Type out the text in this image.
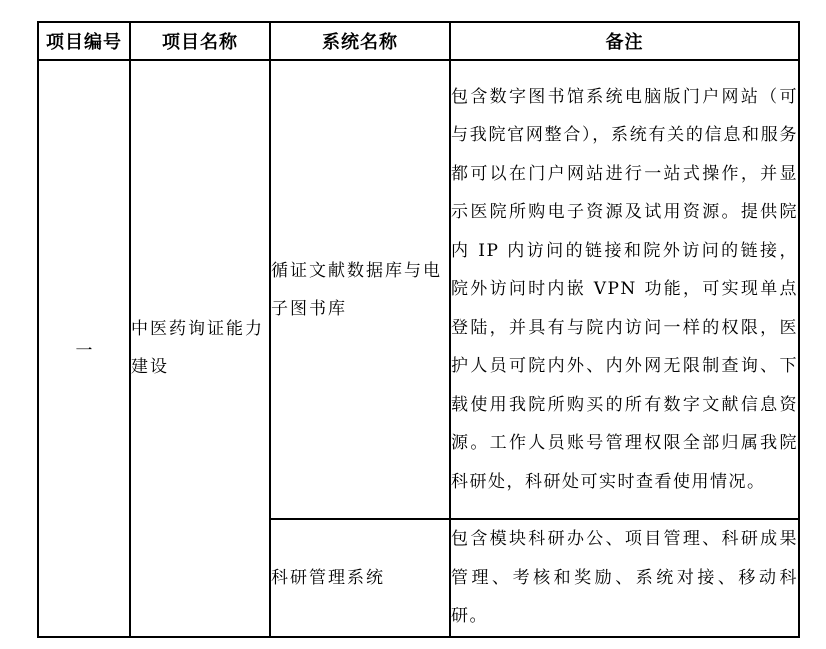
项目编号	项目名称	系统名称	备注
一	中医药询证能力建设	循证文献数据库与电子图书库	包含数字图书馆系统电脑版门户网站（可与我院官网整合），系统有关的信息和服务都可以在门户网站进行一站式操作，并显示医院所购电子资源及试用资源。提供院内 IP 内访问的链接和院外访问的链接，院外访问时内嵌 VPN 功能，可实现单点登陆，并具有与院内访问一样的权限，医护人员可院内外、内外网无限制查询、下载使用我院所购买的所有数字文献信息资源。工作人员账号管理权限全部归属我院科研处，科研处可实时查看使用情况。

		科研管理系统	包含模块科研办公、项目管理、科研成果管理、考核和奖励、系统对接、移动科研。
